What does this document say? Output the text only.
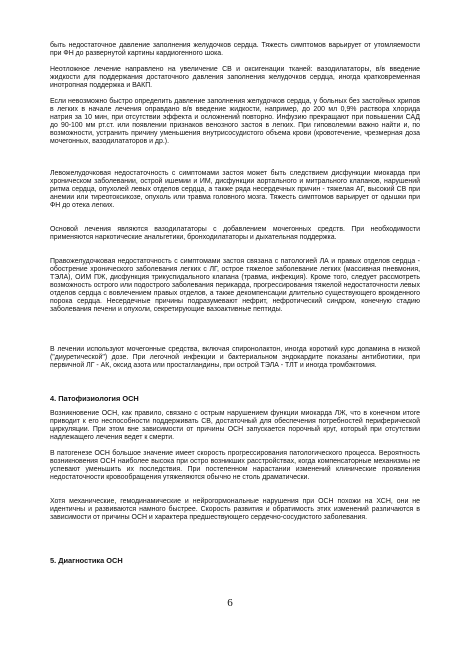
быть недостаточное давление заполнения желудочков сердца. Тяжесть симптомов варьирует от утомляемости при ФН до развернутой картины кардиогенного шока.

Неотложное лечение направлено на увеличение СВ и оксигенации тканей: вазодилататоры, в/в введение жидкости для поддержания достаточного давления заполнения желудочков сердца, иногда кратковременная инотропная поддержка и ВАКП.

Если невозможно быстро определить давление заполнения желудочков сердца, у больных без застойных хрипов в легких в начале лечения оправдано в/в введение жидкости, например, до 200 мл 0,9% раствора хлорида натрия за 10 мин, при отсутствии эффекта и осложнений повторно. Инфузию прекращают при повышении САД до 90-100 мм рт.ст. или появлении признаков венозного застоя в легких. При гиповолемии важно найти и, по возможности, устранить причину уменьшения внутрисосудистого объема крови (кровотечение, чрезмерная доза мочегонных, вазодилататоров и др.).

Левожелудочковая недостаточность с симптомами застоя может быть следствием дисфункции миокарда при хроническом заболевании, острой ишемии и ИМ, дисфункции аортального и митрального клапанов, нарушений ритма сердца, опухолей левых отделов сердца, а также ряда несердечных причин - тяжелая АГ, высокий СВ при анемии или тиреотоксикозе, опухоль или травма головного мозга. Тяжесть симптомов варьирует от одышки при ФН до отека легких.

Основой лечения являются вазодилататоры с добавлением мочегонных средств. При необходимости применяются наркотические анальгетики, бронходилататоры и дыхательная поддержка.

Правожелудочковая недостаточность с симптомами застоя связана с патологией ЛА и правых отделов сердца - обострение хронического заболевания легких с ЛГ, острое тяжелое заболевание легких (массивная пневмония, ТЭЛА), ОИМ ПЖ, дисфункция трикуспидального клапана (травма, инфекция). Кроме того, следует рассмотреть возможность острого или подострого заболевания перикарда, прогрессирования тяжелой недостаточности левых отделов сердца с вовлечением правых отделов, а также декомпенсации длительно существующего врожденного порока сердца. Несердечные причины подразумевают нефрит, нефротический синдром, конечную стадию заболевания печени и опухоли, секретирующие вазоактивные пептиды.

В лечении используют мочегонные средства, включая спиронолактон, иногда короткий курс допамина в низкой ("диуретической") дозе. При легочной инфекции и бактериальном эндокардите показаны антибиотики, при первичной ЛГ - АК, оксид азота или простагландины, при острой ТЭЛА - ТЛТ и иногда тромбэктомия.

4. Патофизиология ОСН

Возникновение ОСН, как правило, связано с острым нарушением функции миокарда ЛЖ, что в конечном итоге приводит к его неспособности поддерживать СВ, достаточный для обеспечения потребностей периферической циркуляции. При этом вне зависимости от причины ОСН запускается порочный круг, который при отсутствии надлежащего лечения ведет к смерти.

В патогенезе ОСН большое значение имеет скорость прогрессирования патологического процесса. Вероятность возникновения ОСН наиболее высока при остро возникших расстройствах, когда компенсаторные механизмы не успевают уменьшить их последствия. При постепенном нарастании изменений клинические проявления недостаточности кровообращения утяжеляются обычно не столь драматически.

Хотя механические, гемодинамические и нейрогормональные нарушения при ОСН похожи на ХСН, они не идентичны и развиваются намного быстрее. Скорость развития и обратимость этих изменений различаются в зависимости от причины ОСН и характера предшествующего сердечно-сосудистого заболевания.

5. Диагностика ОСН
6
